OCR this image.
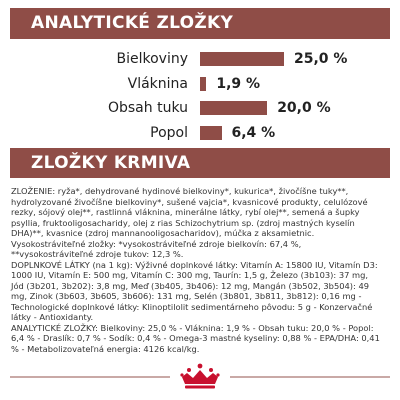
ANALYTICKÉ ZLOŽKY
Bielkoviny	25,0 %
Vláknina 1,9 %
Obsah tuku	20,0 %
Popol	6,4 %
ZLOŽKY KRMIVA

ZLOŽENIE: ryža*, dehydrované hydinové bielkoviny*, kukurica*, živočíšne tuky**, hydrolyzované živočíšne bielkoviny*, sušené vajcia*, kvasnicové produkty, celulózové rezky, sójový olej**, rastlinná vláknina, minerálne látky, rybí olej**, semená a šupky psyllia, fruktooligosacharidy, olej z rias Schizochytrium sp. (zdroj mastných kyselín DHA)**, kvasnice (zdroj mannanooligosacharidov), múčka z aksamietnic. Vysokostráviteľné zložky: *vysokostráviteľné zdroje bielkovín: 67,4 %, **vysokostráviteľné zdroje tukov: 12,3 %.

DOPLNKOVÉ LÁTKY (na 1 kg): Výživné doplnkové látky: Vitamín A: 15800 IU, Vitamín D3: 1000 IU, Vitamín E: 500 mg, Vitamín C: 300 mg, Taurín: 1,5 g, Železo (3b103): 37 mg, Jód (3b201, 3b202): 3,8 mg, Meď (3b405, 3b406): 12 mg, Mangán (3b502, 3b504): 49 mg, Zinok (3b603, 3b605, 3b606): 131 mg, Selén (3b801, 3b811, 3b812): 0,16 mg - Technologické doplnkové látky: Klinoptilolit sedimentárneho pôvodu: 5 g - Konzervačné látky - Antioxidanty.

ANALYTICKÉ ZLOŽKY: Bielkoviny: 25,0 % - Vláknina: 1,9 % - Obsah tuku: 20,0 % - Popol: 6,4 % - Draslík: 0,7 % - Sodík: 0,4 % - Omega-3 mastné kyseliny: 0,88 % - EPA/DHA: 0,41 % - Metabolizovateľná energia: 4126 kcal/kg.
